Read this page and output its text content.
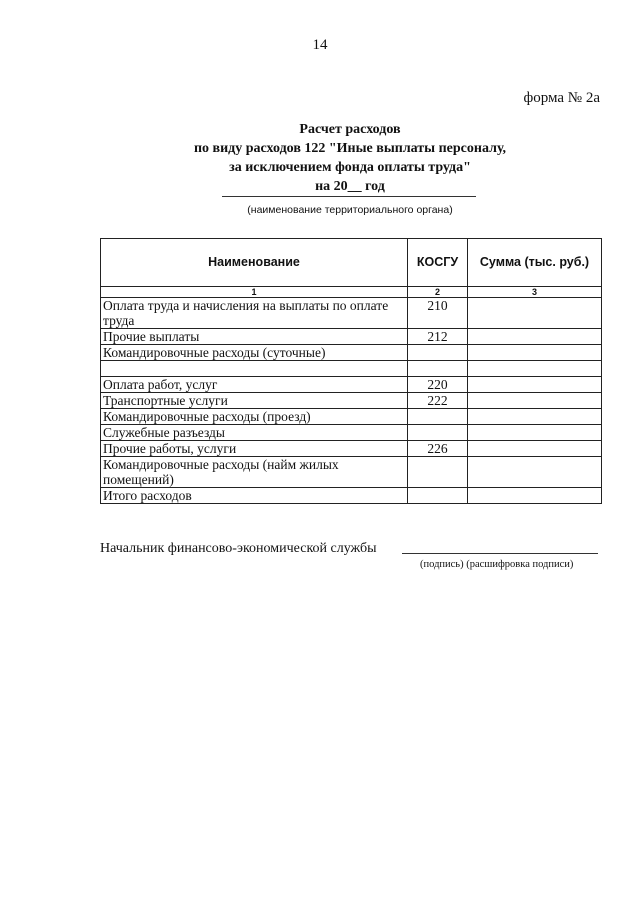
14
форма № 2а
Расчет расходов
по виду расходов 122 "Иные выплаты персоналу,
за исключением фонда оплаты труда"
на 20__ год
(наименование территориального органа)
Наименование	КОСГУ	Сумма (тыс. руб.)
1	2	3
Оплата труда и начисления на выплаты по оплате труда	210	
Прочие выплаты	212	
Командировочные расходы (суточные)		

Оплата работ, услуг	220	
Транспортные услуги	222	
Командировочные расходы (проезд)		
Служебные разъезды		
Прочие работы, услуги	226	
Командировочные расходы (найм жилых помещений)		
Итого расходов		
Начальник финансово-экономической службы
(подпись) (расшифровка подписи)
